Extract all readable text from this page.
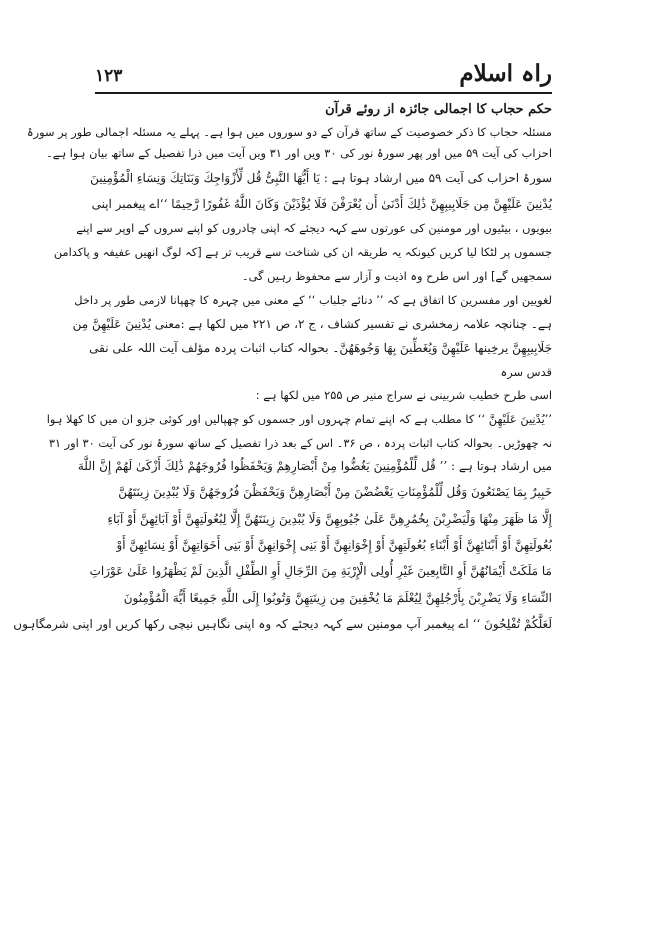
راہ اسلام
۱۲۳
حکم حجاب کا اجمالی جائزہ از روئے قرآن
مسئلہ حجاب کا ذکر خصوصیت کے ساتھ قرآن کے دو سوروں میں ہوا ہے۔ پہلے یہ مسئلہ اجمالی طور پر سورۂ
احزاب کی آیت ۵۹ میں اور پھر سورۂ نور کی ۳۰ ویں اور ۳۱ ویں آیت میں ذرا تفصیل کے ساتھ بیان ہوا ہے۔
سورۂ احزاب کی آیت ۵۹ میں ارشاد ہوتا ہے : یَا أَیُّهَا النَّبِیُّ قُل لِّأَزْوَاجِكَ وَبَنَاتِكَ وَنِسَاءِ الْمُؤْمِنِینَ
یُدْنِینَ عَلَیْهِنَّ مِن جَلَابِیبِهِنَّ ذَٰلِكَ أَدْنَىٰ أَن یُعْرَفْنَ فَلَا یُؤْذَیْنَ وَكَانَ اللَّهُ غَفُورًا رَّحِیمًا ‘‘اے پیغمبر اپنی
بیویوں ، بیٹیوں اور مومنین کی عورتوں سے کہہ دیجئے کہ اپنی چادروں کو اپنے سروں کے اوپر سے اپنے
جسموں پر لٹکا لیا کریں کیونکہ یہ طریقہ ان کی شناخت سے قریب تر ہے [کہ لوگ انھیں عفیفہ و پاکدامن
سمجھیں گے] اور اس طرح وہ اذیت و آزار سے محفوظ رہیں گی۔
لغویین اور مفسرین کا اتفاق ہے کہ ’’ دنائے جلباب ‘‘ کے معنی میں چہرہ کا چھپانا لازمی طور پر داخل
ہے۔ چنانچہ علامہ زمخشری نے تفسیر کشاف ، ج ۲، ص ۲۲۱ میں لکھا ہے :معنی یُدْنِینَ عَلَیْهِنَّ مِن
جَلَابِیبِهِنَّ یرخِینها عَلَیْهِنَّ وَیُغَطِّینَ بِهَا وَجُوهَهُنَّ۔ بحوالہ کتاب اثبات پردہ مؤلف آیت اللہ علی نقی
قدس سرہ
اسی طرح خطیب شربینی نے سراج منیر ص ۲۵۵ میں لکھا ہے :
’’یُدْنِینَ عَلَیْهِنَّ ‘‘ کا مطلب ہے کہ اپنے تمام چہروں اور جسموں کو چھپالیں اور کوئی جزو ان میں کا کھلا ہوا
نہ چھوڑیں۔ بحوالہ کتاب اثبات پردہ ، ص ۳۶۔ اس کے بعد ذرا تفصیل کے ساتھ سورۂ نور کی آیت ۳۰ اور ۳۱
میں ارشاد ہوتا ہے : ’’ قُل لِّلْمُؤْمِنِینَ یَغُضُّوا مِنْ أَبْصَارِهِمْ وَیَحْفَظُوا فُرُوجَهُمْ ذَٰلِكَ أَزْكَىٰ لَهُمْ إِنَّ اللَّهَ
خَبِیرٌ بِمَا یَصْنَعُونَ وَقُل لِّلْمُؤْمِنَاتِ یَغْضُضْنَ مِنْ أَبْصَارِهِنَّ وَیَحْفَظْنَ فُرُوجَهُنَّ وَلَا یُبْدِینَ زِینَتَهُنَّ
إِلَّا مَا ظَهَرَ مِنْهَا وَلْیَضْرِبْنَ بِخُمُرِهِنَّ عَلَىٰ جُیُوبِهِنَّ وَلَا یُبْدِینَ زِینَتَهُنَّ إِلَّا لِبُعُولَتِهِنَّ أَوْ آبَائِهِنَّ أَوْ آبَاءِ
بُعُولَتِهِنَّ أَوْ أَبْنَائِهِنَّ أَوْ أَبْنَاءِ بُعُولَتِهِنَّ أَوْ إِخْوَانِهِنَّ أَوْ بَنِی إِخْوَانِهِنَّ أَوْ بَنِی أَخَوَاتِهِنَّ أَوْ نِسَائِهِنَّ أَوْ
مَا مَلَكَتْ أَیْمَانُهُنَّ أَوِ التَّابِعِینَ غَیْرِ أُولِی الْإِرْبَةِ مِنَ الرِّجَالِ أَوِ الطِّفْلِ الَّذِینَ لَمْ یَظْهَرُوا عَلَىٰ عَوْرَاتِ
النِّسَاءِ وَلَا یَضْرِبْنَ بِأَرْجُلِهِنَّ لِیُعْلَمَ مَا یُخْفِینَ مِن زِینَتِهِنَّ وَتُوبُوا إِلَى اللَّهِ جَمِیعًا أَیُّهَ الْمُؤْمِنُونَ
لَعَلَّكُمْ تُفْلِحُونَ ‘‘ اے پیغمبر آپ مومنین سے کہہ دیجئے کہ وہ اپنی نگاہیں نیچی رکھا کریں اور اپنی شرمگاہوں
